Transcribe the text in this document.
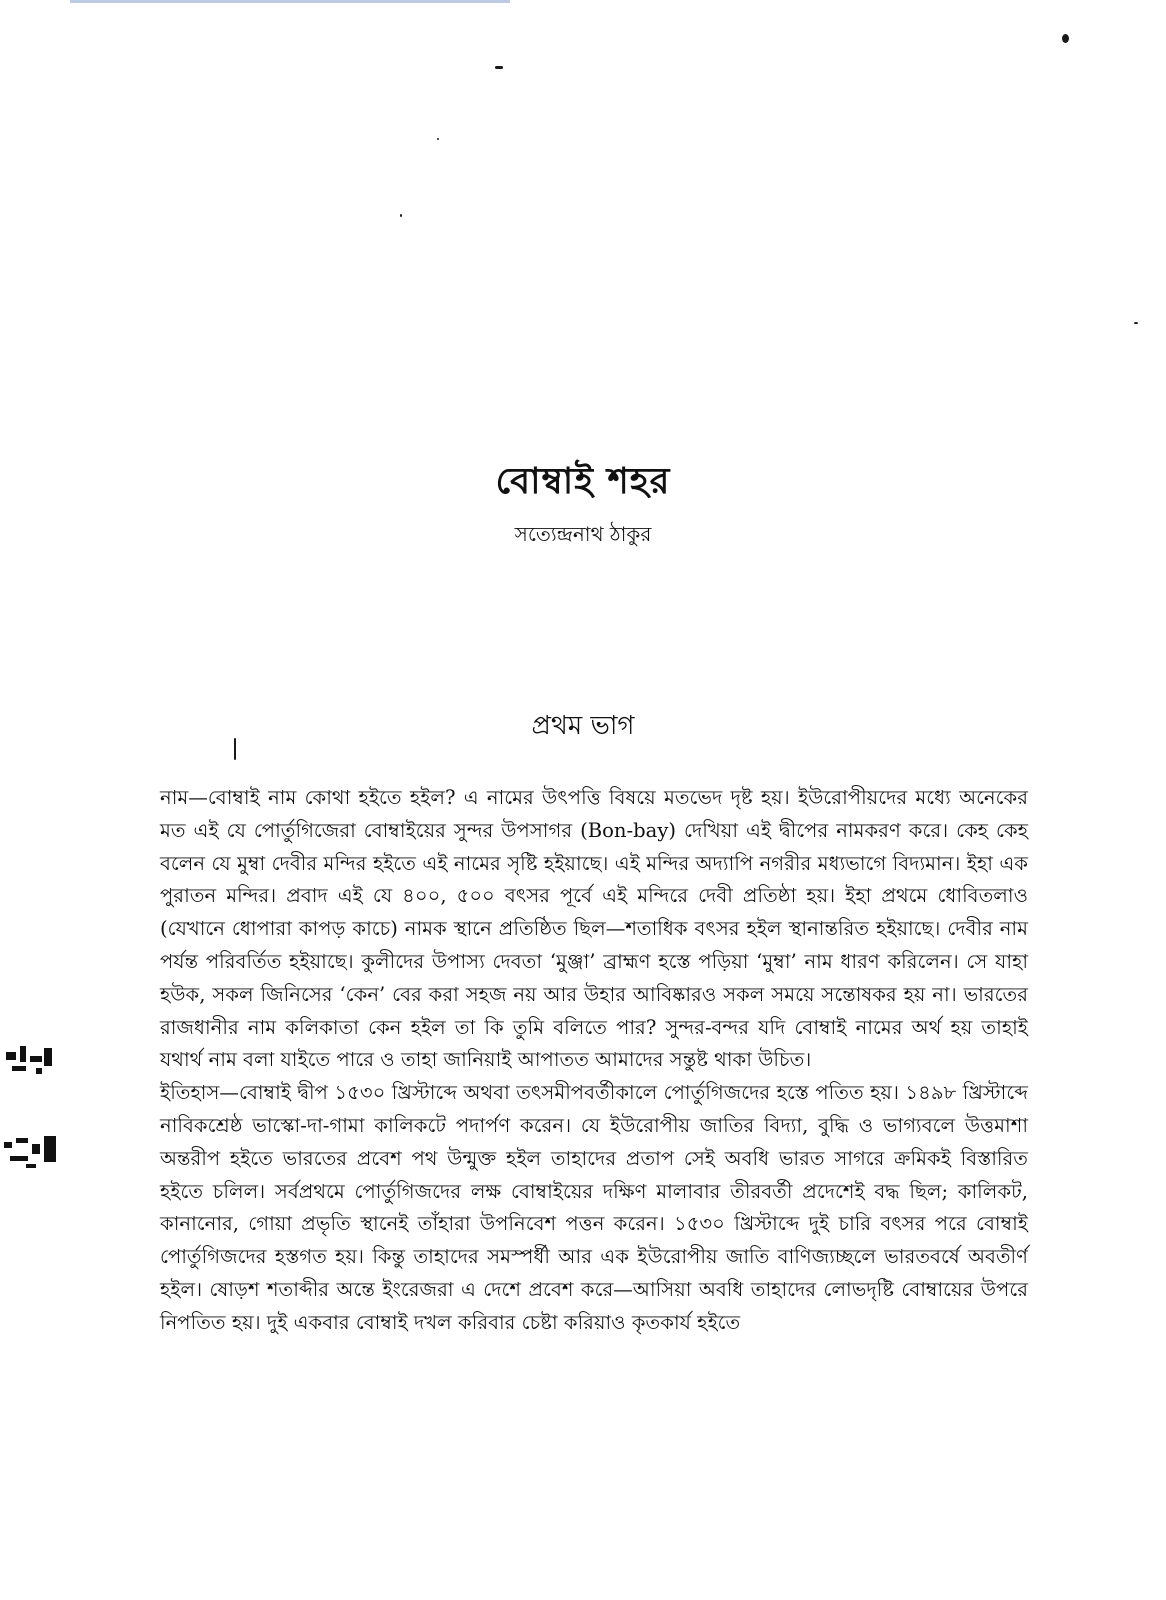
বোম্বাই শহর
সত্যেন্দ্রনাথ ঠাকুর
প্রথম ভাগ

নাম—বোম্বাই নাম কোথা হইতে হইল? এ নামের উৎপত্তি বিষয়ে মতভেদ দৃষ্ট হয়। ইউরোপীয়দের মধ্যে অনেকের মত এই যে পোর্তুগিজেরা বোম্বাইয়ের সুন্দর উপসাগর (Bon-bay) দেখিয়া এই দ্বীপের নামকরণ করে। কেহ কেহ বলেন যে মুম্বা দেবীর মন্দির হইতে এই নামের সৃষ্টি হইয়াছে। এই মন্দির অদ্যাপি নগরীর মধ্যভাগে বিদ্যমান। ইহা এক পুরাতন মন্দির। প্রবাদ এই যে ৪০০, ৫০০ বৎসর পূর্বে এই মন্দিরে দেবী প্রতিষ্ঠা হয়। ইহা প্রথমে ধোবিতলাও (যেখানে ধোপারা কাপড় কাচে) নামক স্থানে প্রতিষ্ঠিত ছিল—শতাধিক বৎসর হইল স্থানান্তরিত হইয়াছে। দেবীর নাম পর্যন্ত পরিবর্তিত হইয়াছে। কুলীদের উপাস্য দেবতা ‘মুঞ্জা’ ব্রাহ্মণ হস্তে পড়িয়া ‘মুম্বা’ নাম ধারণ করিলেন। সে যাহা হউক, সকল জিনিসের ‘কেন’ বের করা সহজ নয় আর উহার আবিষ্কারও সকল সময়ে সন্তোষকর হয় না। ভারতের রাজধানীর নাম কলিকাতা কেন হইল তা কি তুমি বলিতে পার? সুন্দর-বন্দর যদি বোম্বাই নামের অর্থ হয় তাহাই যথার্থ নাম বলা যাইতে পারে ও তাহা জানিয়াই আপাতত আমাদের সন্তুষ্ট থাকা উচিত।

ইতিহাস—বোম্বাই দ্বীপ ১৫৩০ খ্রিস্টাব্দে অথবা তৎসমীপবর্তীকালে পোর্তুগিজদের হস্তে পতিত হয়। ১৪৯৮ খ্রিস্টাব্দে নাবিকশ্রেষ্ঠ ভাস্কো-দা-গামা কালিকটে পদার্পণ করেন। যে ইউরোপীয় জাতির বিদ্যা, বুদ্ধি ও ভাগ্যবলে উত্তমাশা অন্তরীপ হইতে ভারতের প্রবেশ পথ উন্মুক্ত হইল তাহাদের প্রতাপ সেই অবধি ভারত সাগরে ক্রমিকই বিস্তারিত হইতে চলিল। সর্বপ্রথমে পোর্তুগিজদের লক্ষ বোম্বাইয়ের দক্ষিণ মালাবার তীরবর্তী প্রদেশেই বদ্ধ ছিল; কালিকট, কানানোর, গোয়া প্রভৃতি স্থানেই তাঁহারা উপনিবেশ পত্তন করেন। ১৫৩০ খ্রিস্টাব্দে দুই চারি বৎসর পরে বোম্বাই পোর্তুগিজদের হস্তগত হয়। কিন্তু তাহাদের সমস্পর্ধী আর এক ইউরোপীয় জাতি বাণিজ্যচ্ছলে ভারতবর্ষে অবতীর্ণ হইল। ষোড়শ শতাব্দীর অন্তে ইংরেজরা এ দেশে প্রবেশ করে—আসিয়া অবধি তাহাদের লোভদৃষ্টি বোম্বায়ের উপরে নিপতিত হয়। দুই একবার বোম্বাই দখল করিবার চেষ্টা করিয়াও কৃতকার্য হইতে
